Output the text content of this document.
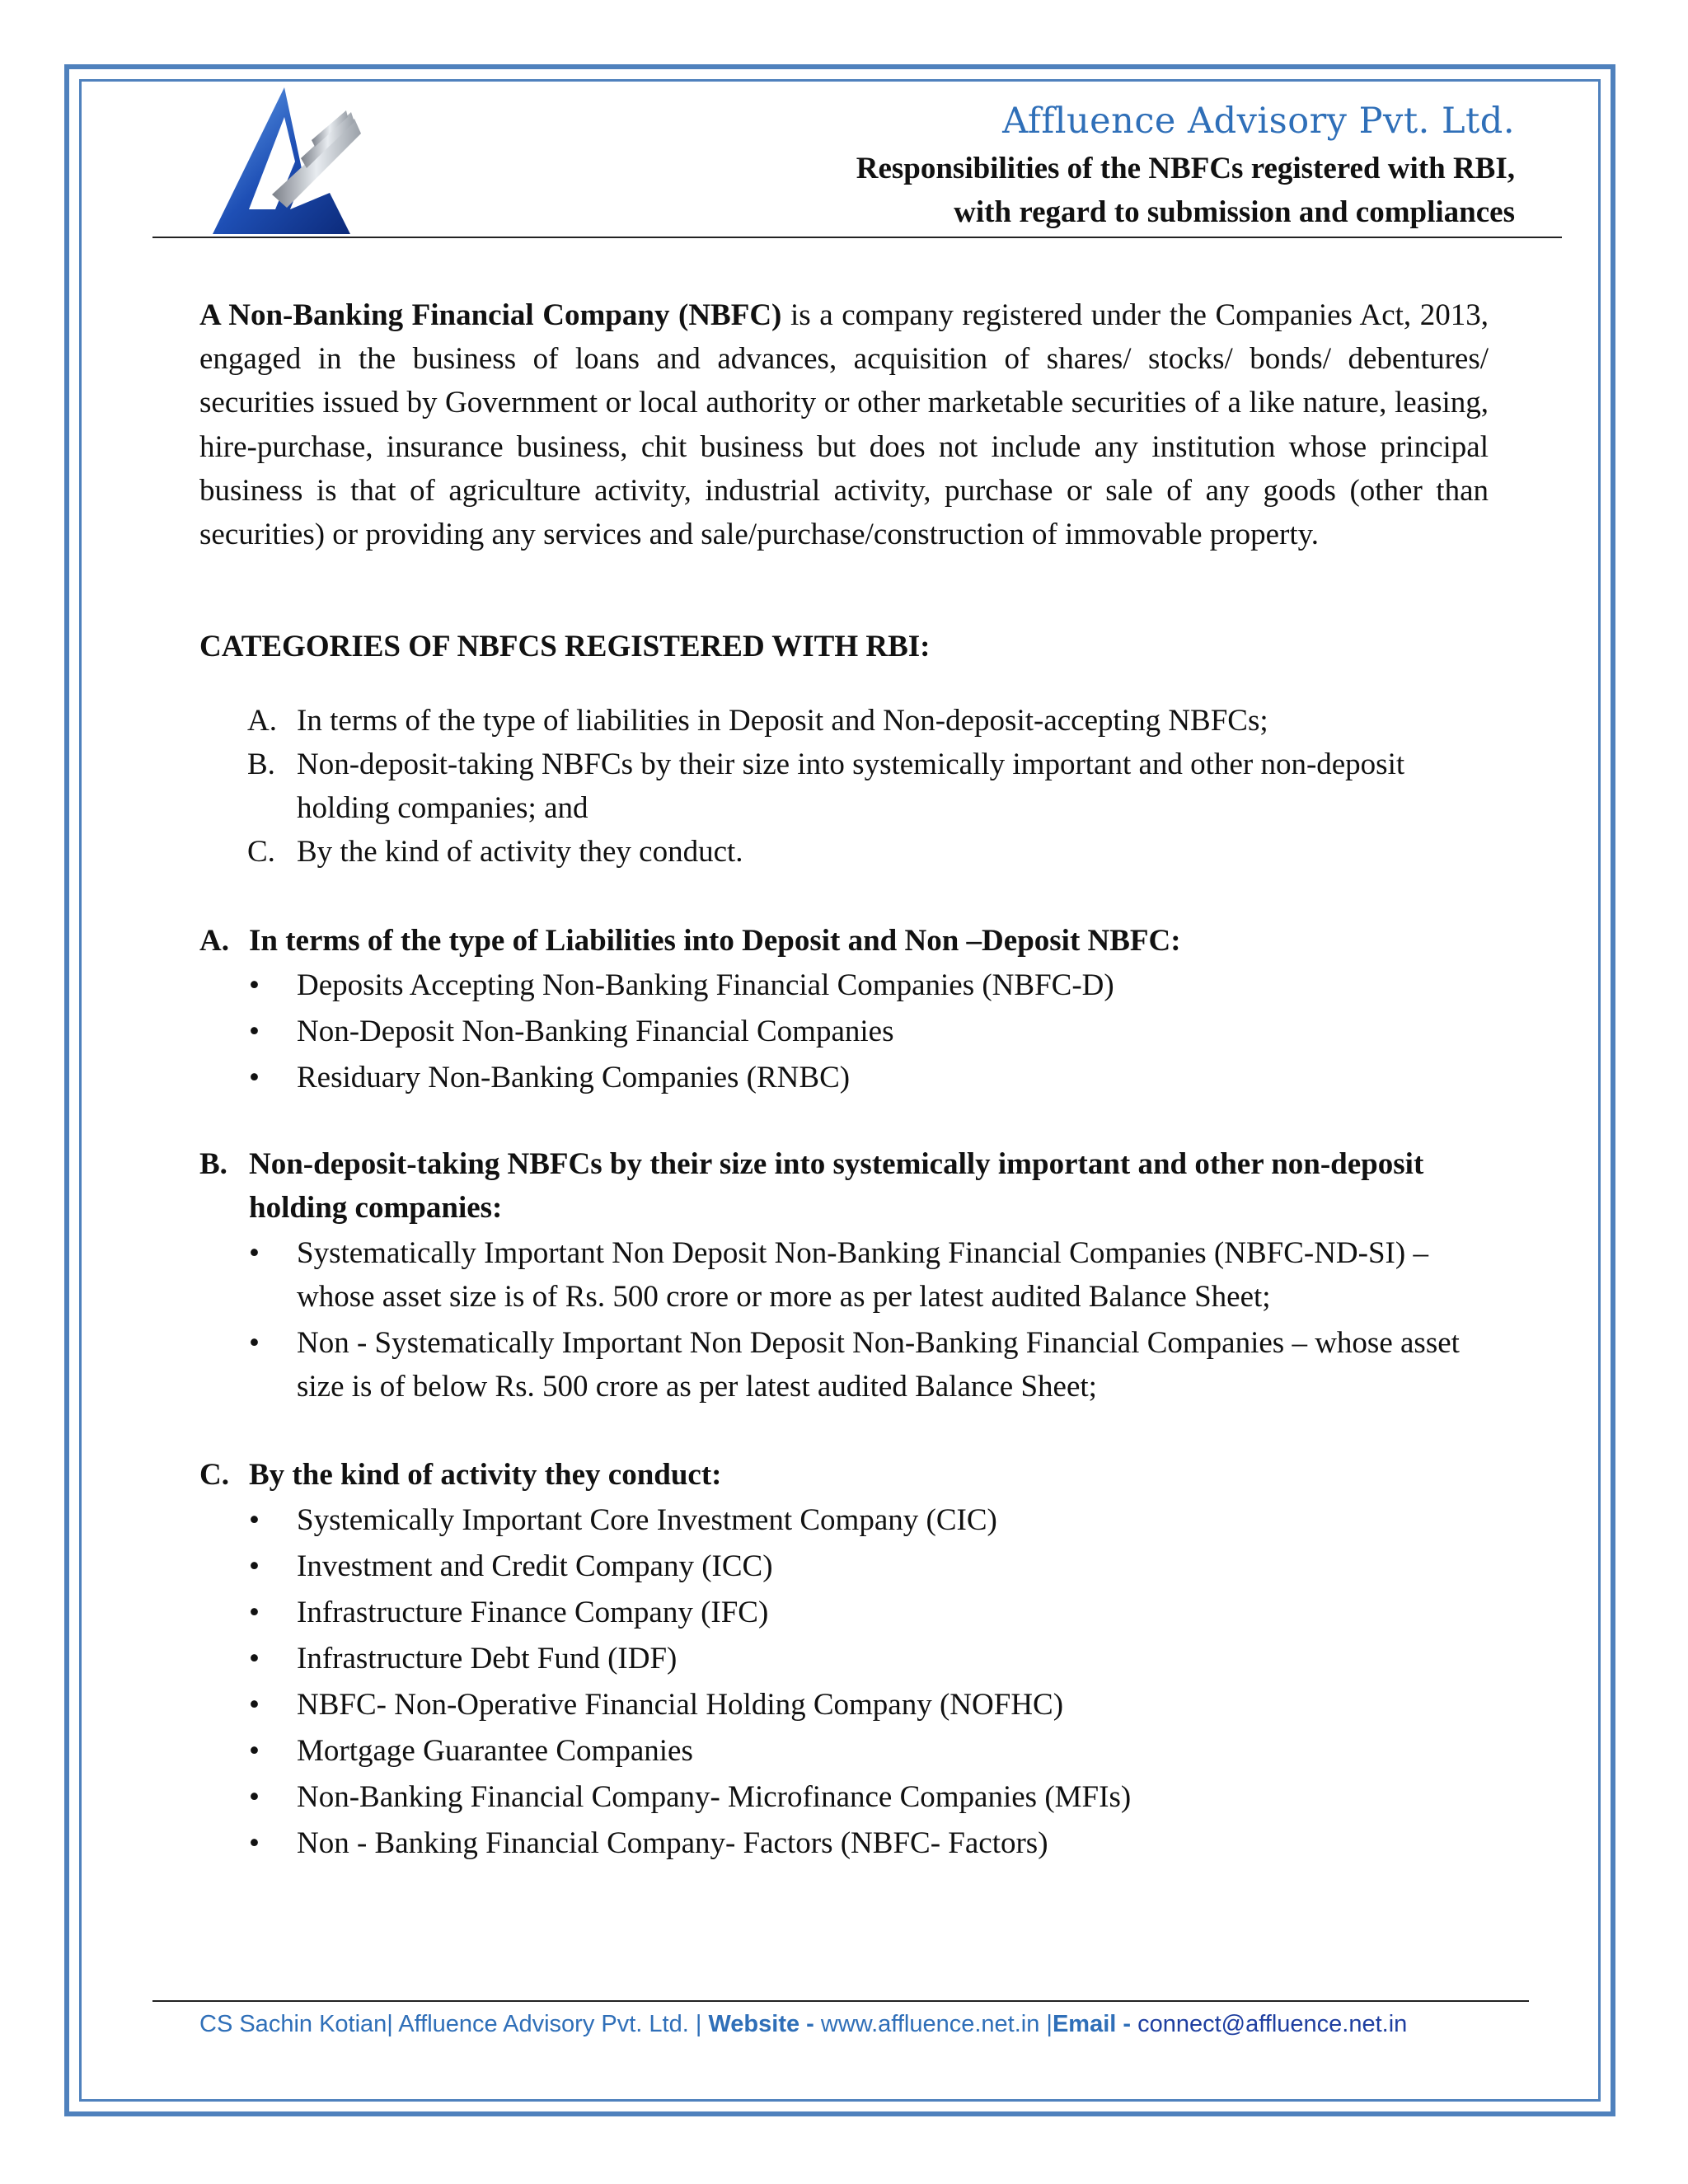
Affluence Advisory Pvt. Ltd.
Responsibilities of the NBFCs registered with RBI,
with regard to submission and compliances
A Non-Banking Financial Company (NBFC) is a company registered under the Companies Act, 2013, engaged in the business of loans and advances, acquisition of shares/ stocks/ bonds/ debentures/ securities issued by Government or local authority or other marketable securities of a like nature, leasing, hire-purchase, insurance business, chit business but does not include any institution whose principal business is that of agriculture activity, industrial activity, purchase or sale of any goods (other than securities) or providing any services and sale/purchase/construction of immovable property.
CATEGORIES OF NBFCS REGISTERED WITH RBI:
A. In terms of the type of liabilities in Deposit and Non-deposit-accepting NBFCs;
B. Non-deposit-taking NBFCs by their size into systemically important and other non-deposit holding companies; and
C. By the kind of activity they conduct.
A. In terms of the type of Liabilities into Deposit and Non –Deposit NBFC:
• Deposits Accepting Non-Banking Financial Companies (NBFC-D)
• Non-Deposit Non-Banking Financial Companies
• Residuary Non-Banking Companies (RNBC)
B. Non-deposit-taking NBFCs by their size into systemically important and other non-deposit holding companies:
• Systematically Important Non Deposit Non-Banking Financial Companies (NBFC-ND-SI) – whose asset size is of Rs. 500 crore or more as per latest audited Balance Sheet;
• Non - Systematically Important Non Deposit Non-Banking Financial Companies – whose asset size is of below Rs. 500 crore as per latest audited Balance Sheet;
C. By the kind of activity they conduct:
• Systemically Important Core Investment Company (CIC)
• Investment and Credit Company (ICC)
• Infrastructure Finance Company (IFC)
• Infrastructure Debt Fund (IDF)
• NBFC- Non-Operative Financial Holding Company (NOFHC)
• Mortgage Guarantee Companies
• Non-Banking Financial Company- Microfinance Companies (MFIs)
• Non - Banking Financial Company- Factors (NBFC- Factors)
CS Sachin Kotian| Affluence Advisory Pvt. Ltd. | Website - www.affluence.net.in |Email - connect@affluence.net.in
